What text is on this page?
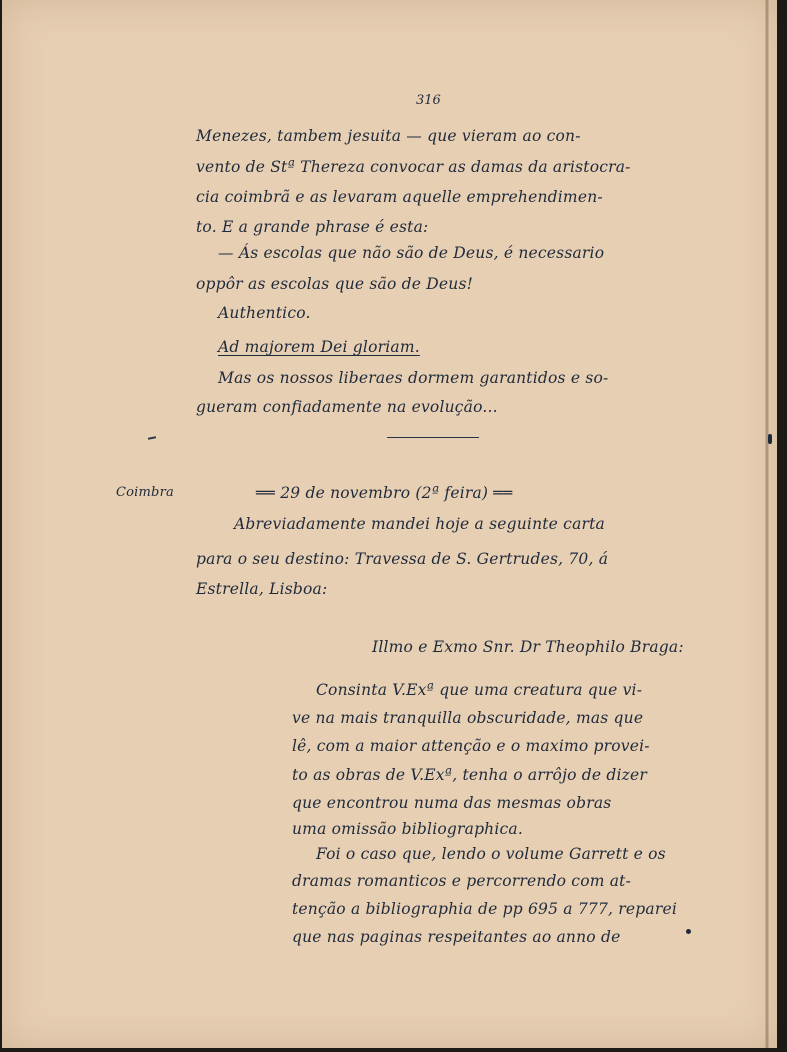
316
Menezes, tambem jesuita — que vieram ao con-
vento de Stª Thereza convocar as damas da aristocra-
cia coimbrã e as levaram aquelle emprehendimen-
to. E a grande phrase é esta:
— Ás escolas que não são de Deus, é necessario
oppôr as escolas que são de Deus!
Authentico.
Ad majorem Dei gloriam.
Mas os nossos liberaes dormem garantidos e so-
gueram confiadamente na evolução...
Coimbra	══ 29 de novembro (2ª feira) ══
Abreviadamente mandei hoje a seguinte carta
para o seu destino: Travessa de S. Gertrudes, 70, á
Estrella, Lisboa:
Illmo e Exmo Snr. Dr Theophilo Braga:
Consinta V.Exª que uma creatura que vi-
ve na mais tranquilla obscuridade, mas que
lê, com a maior attenção e o maximo provei-
to as obras de V.Exª, tenha o arrôjo de dizer
que encontrou numa das mesmas obras
uma omissão bibliographica.
Foi o caso que, lendo o volume Garrett e os
dramas romanticos e percorrendo com at-
tenção a bibliographia de pp 695 a 777, reparei
que nas paginas respeitantes ao anno de
